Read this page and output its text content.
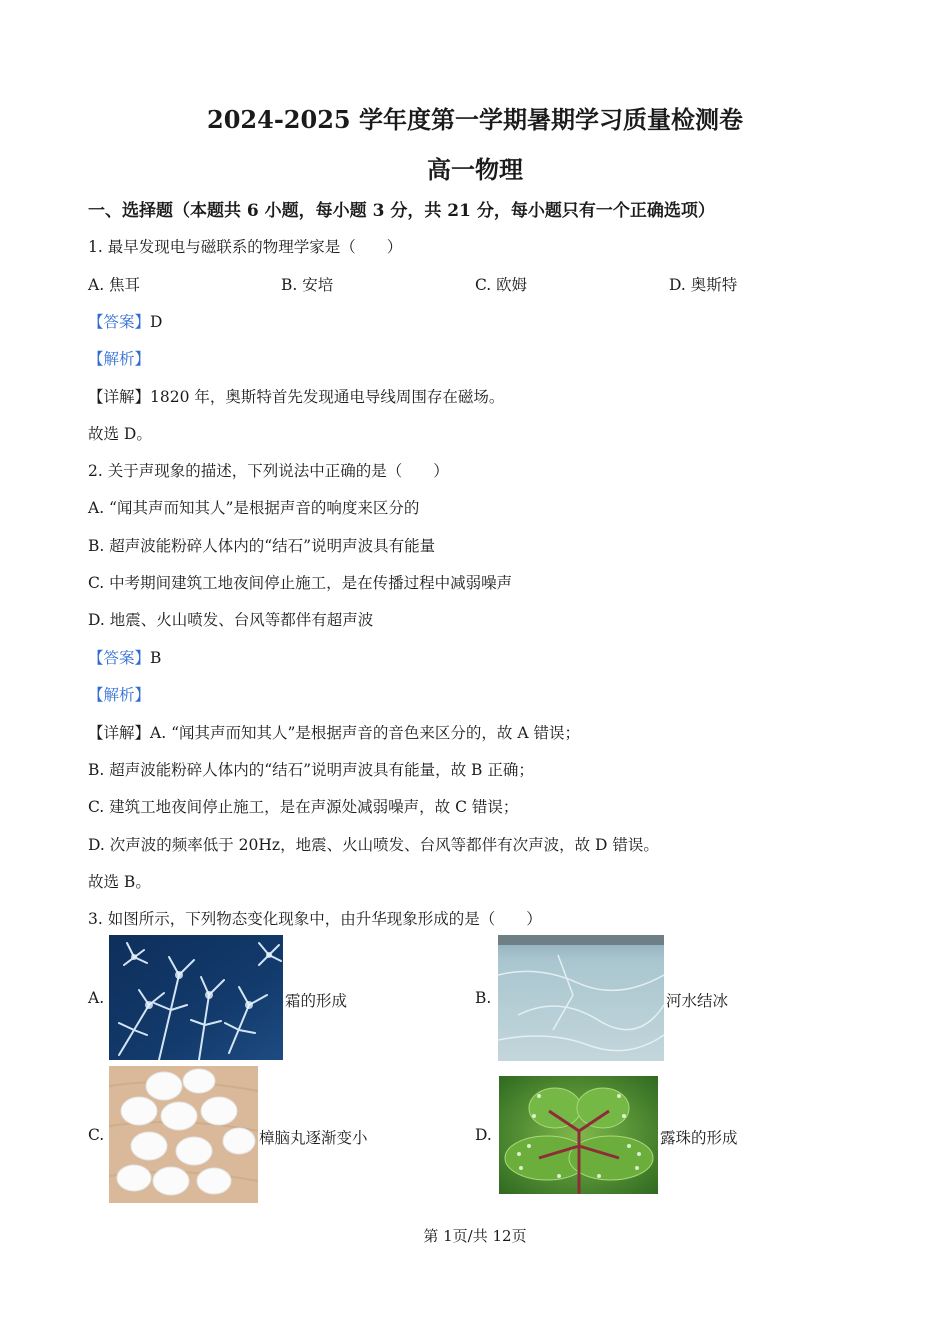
2024-2025 学年度第一学期暑期学习质量检测卷
高一物理
一、选择题（本题共 6 小题，每小题 3 分，共 21 分，每小题只有一个正确选项）
1. 最早发现电与磁联系的物理学家是（　　）
A. 焦耳	B. 安培	C. 欧姆	D. 奥斯特
【答案】D
【解析】
【详解】1820 年，奥斯特首先发现通电导线周围存在磁场。
故选 D。
2. 关于声现象的描述，下列说法中正确的是（　　）
A. “闻其声而知其人”是根据声音的响度来区分的
B. 超声波能粉碎人体内的“结石”说明声波具有能量
C. 中考期间建筑工地夜间停止施工，是在传播过程中减弱噪声
D. 地震、火山喷发、台风等都伴有超声波
【答案】B
【解析】
【详解】A. “闻其声而知其人”是根据声音的音色来区分的，故 A 错误；
B. 超声波能粉碎人体内的“结石”说明声波具有能量，故 B 正确；
C. 建筑工地夜间停止施工，是在声源处减弱噪声，故 C 错误；
D. 次声波的频率低于 20Hz，地震、火山喷发、台风等都伴有次声波，故 D 错误。
故选 B。
3. 如图所示，下列物态变化现象中，由升华现象形成的是（　　）
A.	霜的形成	B.	河水结冰
C.	樟脑丸逐渐变小	D.	露珠的形成
第 1页/共 12页
